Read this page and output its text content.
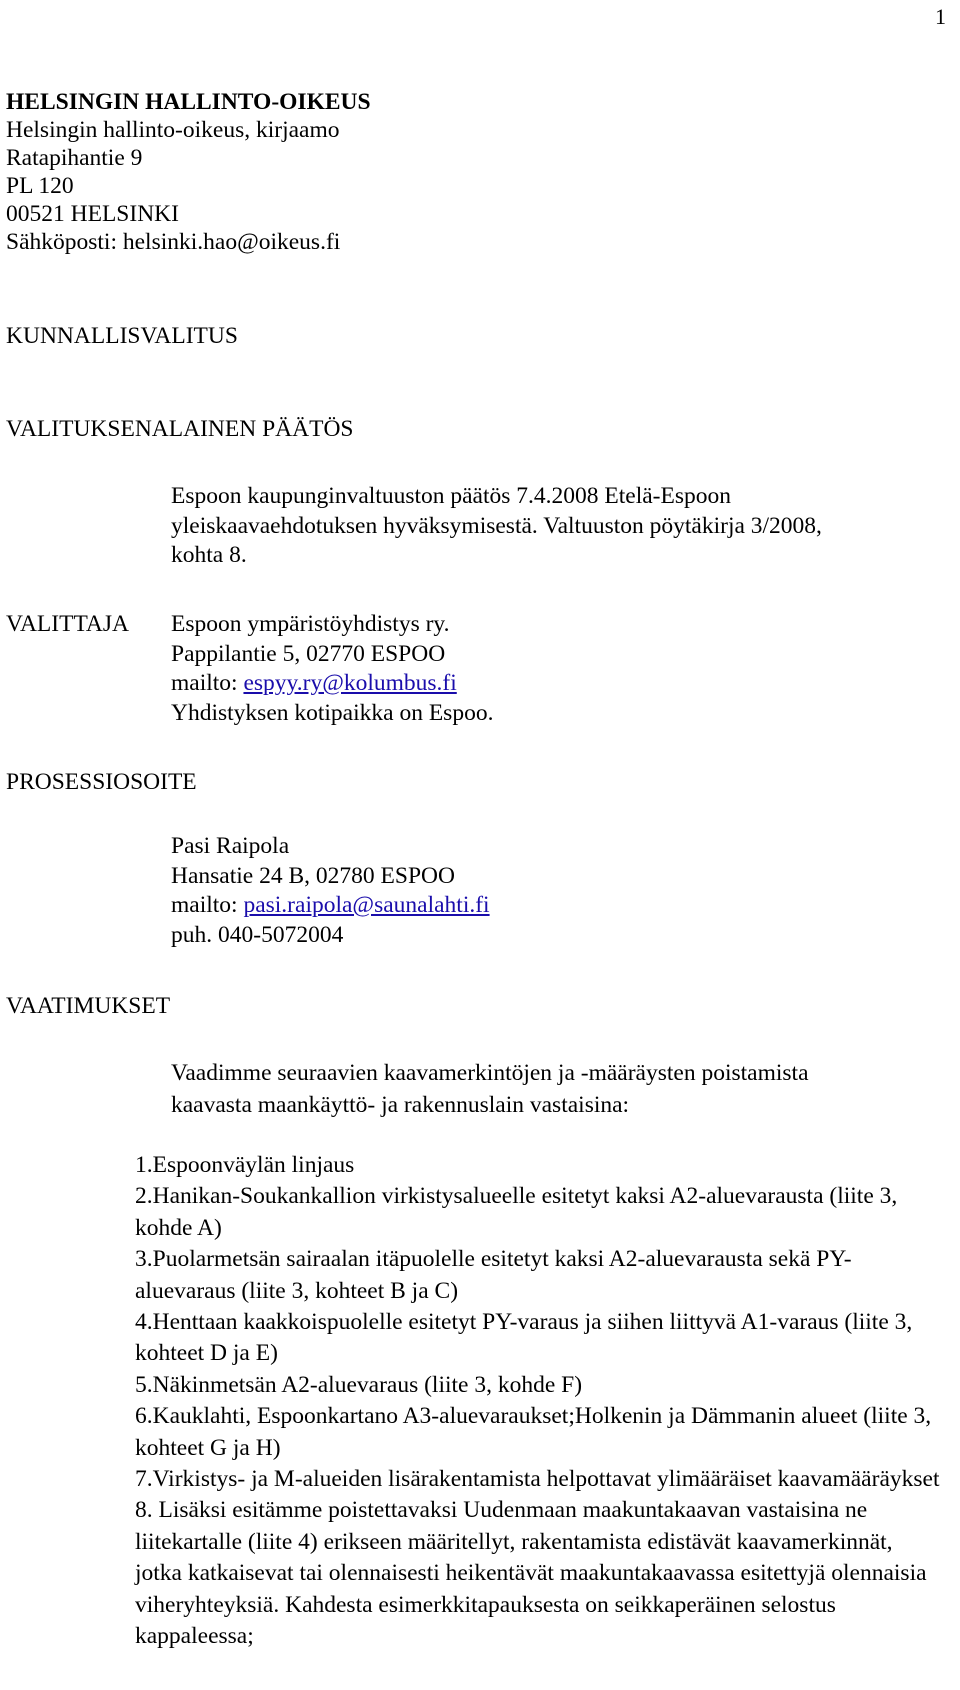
1
HELSINGIN HALLINTO-OIKEUS
Helsingin hallinto-oikeus, kirjaamo
Ratapihantie 9
PL 120
00521 HELSINKI
Sähköposti: helsinki.hao@oikeus.fi
KUNNALLISVALITUS
VALITUKSENALAINEN PÄÄTÖS
Espoon kaupunginvaltuuston päätös 7.4.2008 Etelä-Espoon
yleiskaavaehdotuksen hyväksymisestä. Valtuuston pöytäkirja 3/2008,
kohta 8.
VALITTAJA Espoon ympäristöyhdistys ry.
Pappilantie 5, 02770 ESPOO
mailto: espyy.ry@kolumbus.fi
Yhdistyksen kotipaikka on Espoo.
PROSESSIOSOITE
Pasi Raipola
Hansatie 24 B, 02780 ESPOO
mailto: pasi.raipola@saunalahti.fi
puh. 040-5072004
VAATIMUKSET
Vaadimme seuraavien kaavamerkintöjen ja -määräysten poistamista
kaavasta maankäyttö- ja rakennuslain vastaisina:
1.Espoonväylän linjaus
2.Hanikan-Soukankallion virkistysalueelle esitetyt kaksi A2-aluevarausta (liite 3, kohde A)
3.Puolarmetsän sairaalan itäpuolelle esitetyt kaksi A2-aluevarausta sekä PY-aluevaraus (liite 3, kohteet B ja C)
4.Henttaan kaakkoispuolelle esitetyt PY-varaus ja siihen liittyvä A1-varaus (liite 3, kohteet D ja E)
5.Näkinmetsän A2-aluevaraus (liite 3, kohde F)
6.Kauklahti, Espoonkartano A3-aluevaraukset;Holkenin ja Dämmanin alueet (liite 3, kohteet G ja H)
7.Virkistys- ja M-alueiden lisärakentamista helpottavat ylimääräiset kaavamääräykset
8. Lisäksi esitämme poistettavaksi Uudenmaan maakuntakaavan vastaisina ne liitekartalle (liite 4) erikseen määritellyt, rakentamista edistävät kaavamerkinnät, jotka katkaisevat tai olennaisesti heikentävät maakuntakaavassa esitettyjä olennaisia viheryhteyksiä. Kahdesta esimerkkitapauksesta on seikkaperäinen selostus kappaleessa;
